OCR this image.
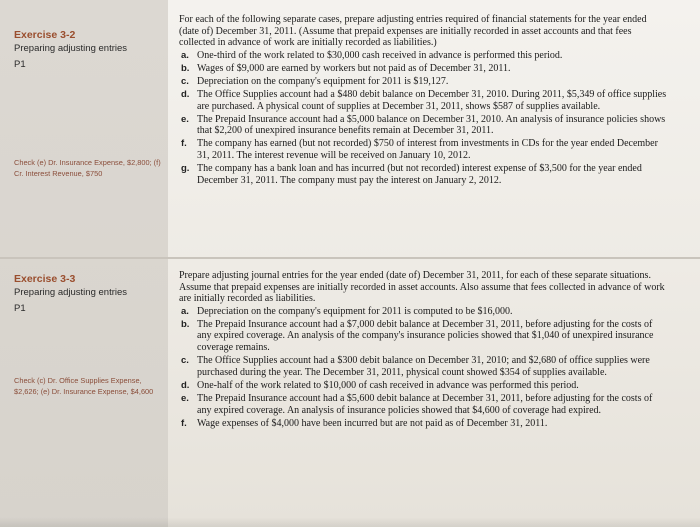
Exercise 3-2
Preparing adjusting entries
P1
Check (e) Dr. Insurance Expense, $2,800; (f) Cr. Interest Revenue, $750

For each of the following separate cases, prepare adjusting entries required of financial statements for the year ended (date of) December 31, 2011. (Assume that prepaid expenses are initially recorded in asset accounts and that fees collected in advance of work are initially recorded as liabilities.)

a. One-third of the work related to $30,000 cash received in advance is performed this period.
b. Wages of $9,000 are earned by workers but not paid as of December 31, 2011.
c. Depreciation on the company's equipment for 2011 is $19,127.
d. The Office Supplies account had a $480 debit balance on December 31, 2010. During 2011, $5,349 of office supplies are purchased. A physical count of supplies at December 31, 2011, shows $587 of supplies available.
e. The Prepaid Insurance account had a $5,000 balance on December 31, 2010. An analysis of insurance policies shows that $2,200 of unexpired insurance benefits remain at December 31, 2011.
f. The company has earned (but not recorded) $750 of interest from investments in CDs for the year ended December 31, 2011. The interest revenue will be received on January 10, 2012.
g. The company has a bank loan and has incurred (but not recorded) interest expense of $3,500 for the year ended December 31, 2011. The company must pay the interest on January 2, 2012.
Exercise 3-3
Preparing adjusting entries
P1
Check (c) Dr. Office Supplies Expense, $2,626; (e) Dr. Insurance Expense, $4,600

Prepare adjusting journal entries for the year ended (date of) December 31, 2011, for each of these separate situations. Assume that prepaid expenses are initially recorded in asset accounts. Also assume that fees collected in advance of work are initially recorded as liabilities.

a. Depreciation on the company's equipment for 2011 is computed to be $16,000.
b. The Prepaid Insurance account had a $7,000 debit balance at December 31, 2011, before adjusting for the costs of any expired coverage. An analysis of the company's insurance policies showed that $1,040 of unexpired insurance coverage remains.
c. The Office Supplies account had a $300 debit balance on December 31, 2010; and $2,680 of office supplies were purchased during the year. The December 31, 2011, physical count showed $354 of supplies available.
d. One-half of the work related to $10,000 of cash received in advance was performed this period.
e. The Prepaid Insurance account had a $5,600 debit balance at December 31, 2011, before adjusting for the costs of any expired coverage. An analysis of insurance policies showed that $4,600 of coverage had expired.
f. Wage expenses of $4,000 have been incurred but are not paid as of December 31, 2011.
